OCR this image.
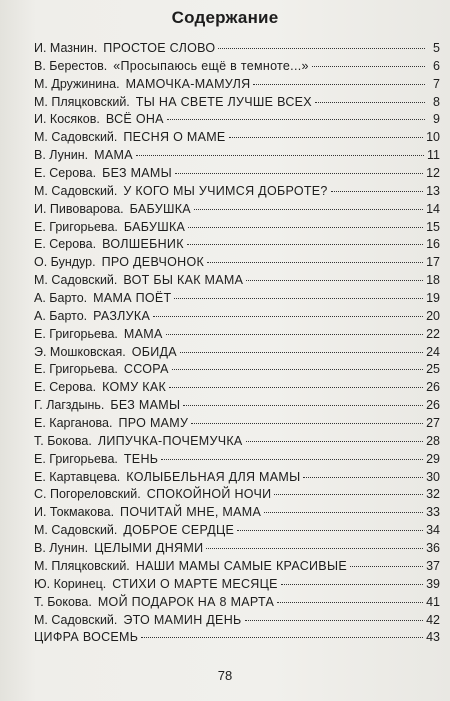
Содержание
И. Мазнин. ПРОСТОЕ СЛОВО	5
В. Берестов. «Просыпаюсь ещё в темноте...»	6
М. Дружинина. МАМОЧКА-МАМУЛЯ	7
М. Пляцковский. ТЫ НА СВЕТЕ ЛУЧШЕ ВСЕХ	8
И. Косяков. ВСЁ ОНА	9
М. Садовский. ПЕСНЯ О МАМЕ	10
В. Лунин. МАМА	11
Е. Серова. БЕЗ МАМЫ	12
М. Садовский. У КОГО МЫ УЧИМСЯ ДОБРОТЕ?	13
И. Пивоварова. БАБУШКА	14
Е. Григорьева. БАБУШКА	15
Е. Серова. ВОЛШЕБНИК	16
О. Бундур. ПРО ДЕВЧОНОК	17
М. Садовский. ВОТ БЫ КАК МАМА	18
А. Барто. МАМА ПОЁТ	19
А. Барто. РАЗЛУКА	20
Е. Григорьева. МАМА	22
Э. Мошковская. ОБИДА	24
Е. Григорьева. ССОРА	25
Е. Серова. КОМУ КАК	26
Г. Лагздынь. БЕЗ МАМЫ	26
Е. Карганова. ПРО МАМУ	27
Т. Бокова. ЛИПУЧКА-ПОЧЕМУЧКА	28
Е. Григорьева. ТЕНЬ	29
Е. Картавцева. КОЛЫБЕЛЬНАЯ ДЛЯ МАМЫ	30
С. Погореловский. СПОКОЙНОЙ НОЧИ	32
И. Токмакова. ПОЧИТАЙ МНЕ, МАМА	33
М. Садовский. ДОБРОЕ СЕРДЦЕ	34
В. Лунин. ЦЕЛЫМИ ДНЯМИ	36
М. Пляцковский. НАШИ МАМЫ САМЫЕ КРАСИВЫЕ	37
Ю. Коринец. СТИХИ О МАРТЕ МЕСЯЦЕ	39
Т. Бокова. МОЙ ПОДАРОК НА 8 МАРТА	41
М. Садовский. ЭТО МАМИН ДЕНЬ	42
ЦИФРА ВОСЕМЬ	43
78
